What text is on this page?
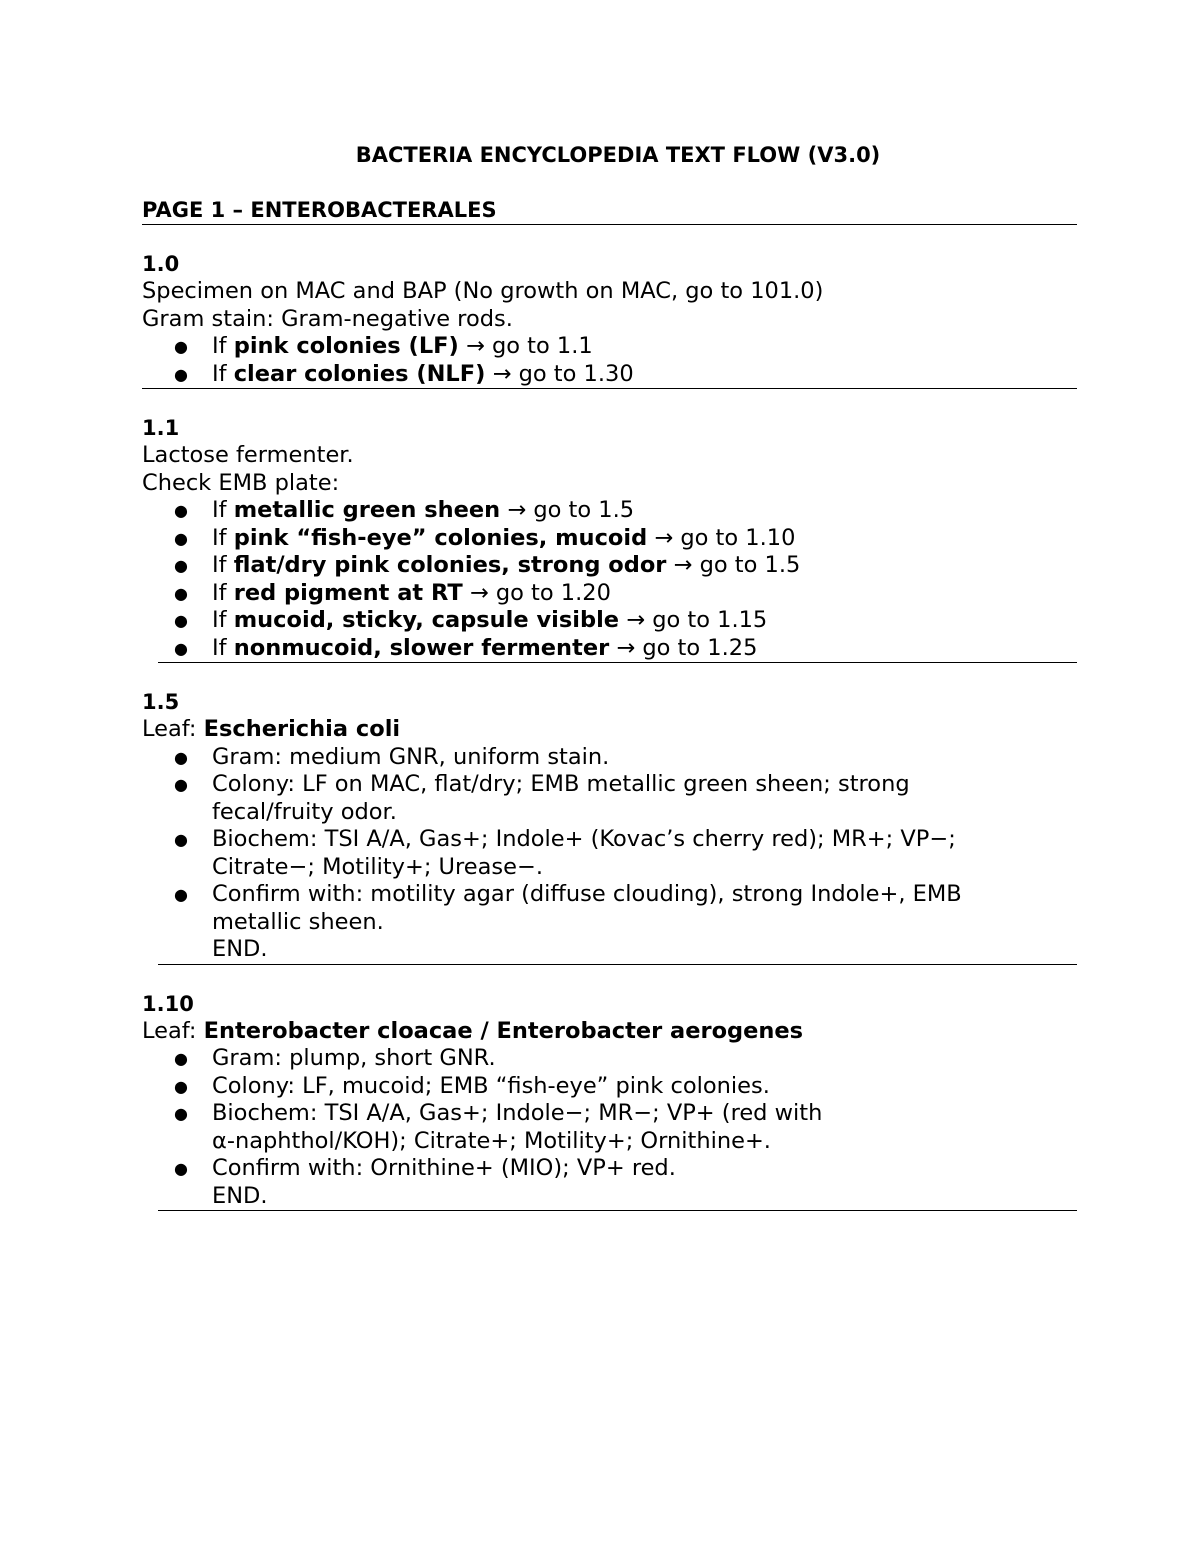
BACTERIA ENCYCLOPEDIA TEXT FLOW (V3.0)
PAGE 1 – ENTEROBACTERALES
1.0
Specimen on MAC and BAP (No growth on MAC, go to 101.0)
Gram stain: Gram-negative rods.
● If pink colonies (LF) → go to 1.1
● If clear colonies (NLF) → go to 1.30
1.1
Lactose fermenter.
Check EMB plate:
● If metallic green sheen → go to 1.5
● If pink “fish-eye” colonies, mucoid → go to 1.10
● If flat/dry pink colonies, strong odor → go to 1.5
● If red pigment at RT → go to 1.20
● If mucoid, sticky, capsule visible → go to 1.15
● If nonmucoid, slower fermenter → go to 1.25
1.5
Leaf: Escherichia coli
● Gram: medium GNR, uniform stain.
● Colony: LF on MAC, flat/dry; EMB metallic green sheen; strong
fecal/fruity odor.
● Biochem: TSI A/A, Gas+; Indole+ (Kovac’s cherry red); MR+; VP−;
Citrate−; Motility+; Urease−.
● Confirm with: motility agar (diffuse clouding), strong Indole+, EMB
metallic sheen.
END.
1.10
Leaf: Enterobacter cloacae / Enterobacter aerogenes
● Gram: plump, short GNR.
● Colony: LF, mucoid; EMB “fish-eye” pink colonies.
● Biochem: TSI A/A, Gas+; Indole−; MR−; VP+ (red with
α-naphthol/KOH); Citrate+; Motility+; Ornithine+.
● Confirm with: Ornithine+ (MIO); VP+ red.
END.
